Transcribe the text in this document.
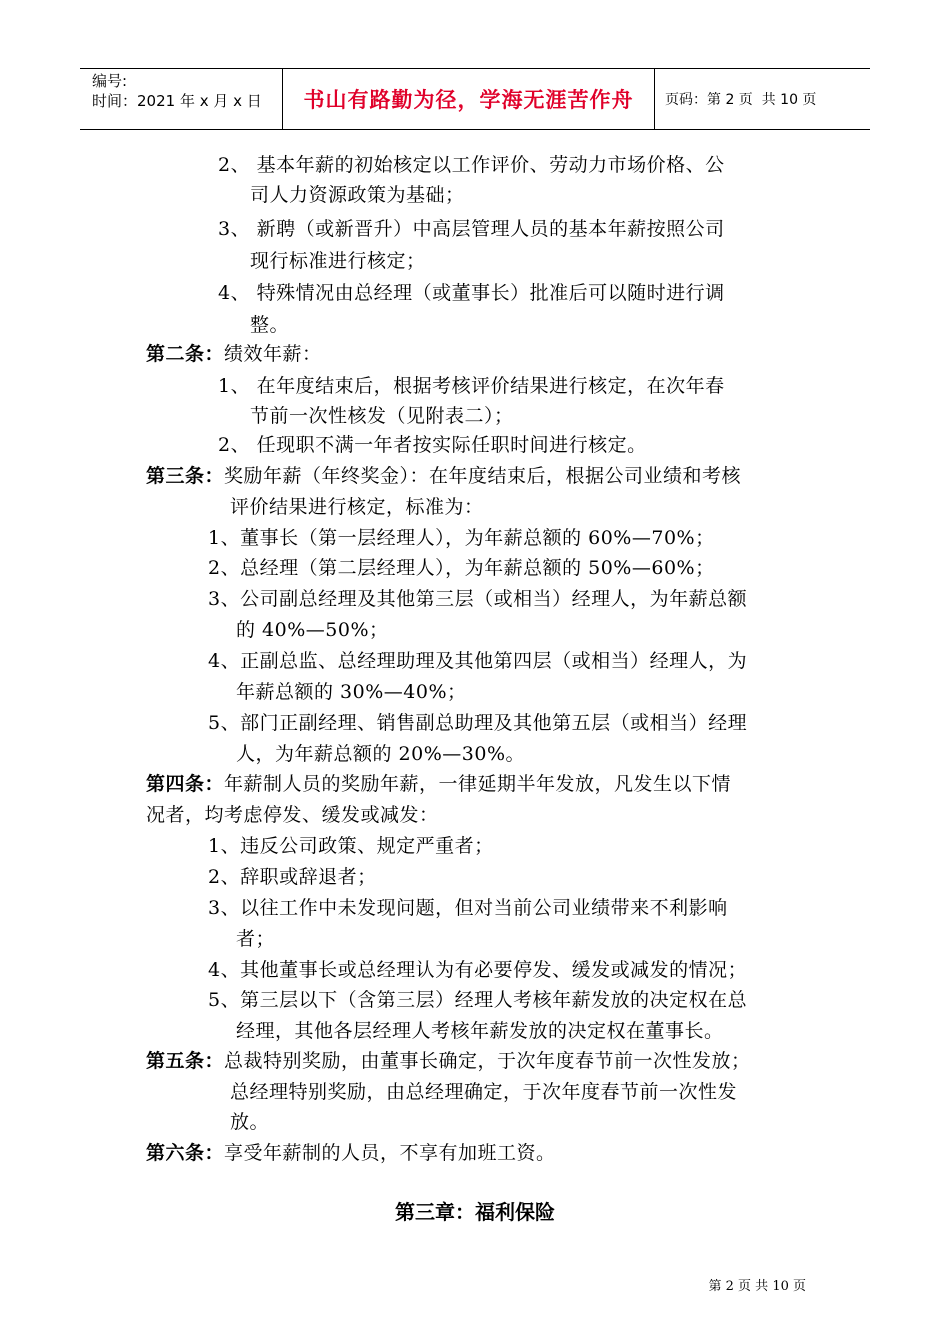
编号:
时间：2021 年 x 月 x 日	书山有路勤为径，学海无涯苦作舟 页码：第 2 页  共 10 页
2、 基本年薪的初始核定以工作评价、劳动力市场价格、公
司人力资源政策为基础；
3、 新聘（或新晋升）中高层管理人员的基本年薪按照公司
现行标准进行核定；
4、 特殊情况由总经理（或董事长）批准后可以随时进行调
整。
第二条：绩效年薪：
1、 在年度结束后，根据考核评价结果进行核定，在次年春
节前一次性核发（见附表二）；
2、 任现职不满一年者按实际任职时间进行核定。
第三条：奖励年薪（年终奖金）：在年度结束后，根据公司业绩和考核
评价结果进行核定，标准为：
1、董事长（第一层经理人），为年薪总额的 60%—70%；
2、总经理（第二层经理人），为年薪总额的 50%—60%；
3、公司副总经理及其他第三层（或相当）经理人，为年薪总额
的 40%—50%；
4、正副总监、总经理助理及其他第四层（或相当）经理人，为
年薪总额的 30%—40%；
5、部门正副经理、销售副总助理及其他第五层（或相当）经理
人，为年薪总额的 20%—30%。
第四条：年薪制人员的奖励年薪，一律延期半年发放，凡发生以下情
况者，均考虑停发、缓发或减发：
1、违反公司政策、规定严重者；
2、辞职或辞退者；
3、以往工作中未发现问题，但对当前公司业绩带来不利影响
者；
4、其他董事长或总经理认为有必要停发、缓发或减发的情况；
5、第三层以下（含第三层）经理人考核年薪发放的决定权在总
经理，其他各层经理人考核年薪发放的决定权在董事长。
第五条：总裁特别奖励，由董事长确定，于次年度春节前一次性发放；
总经理特别奖励，由总经理确定，于次年度春节前一次性发
放。
第六条：享受年薪制的人员，不享有加班工资。
第三章：福利保险
第 2 页 共 10 页
